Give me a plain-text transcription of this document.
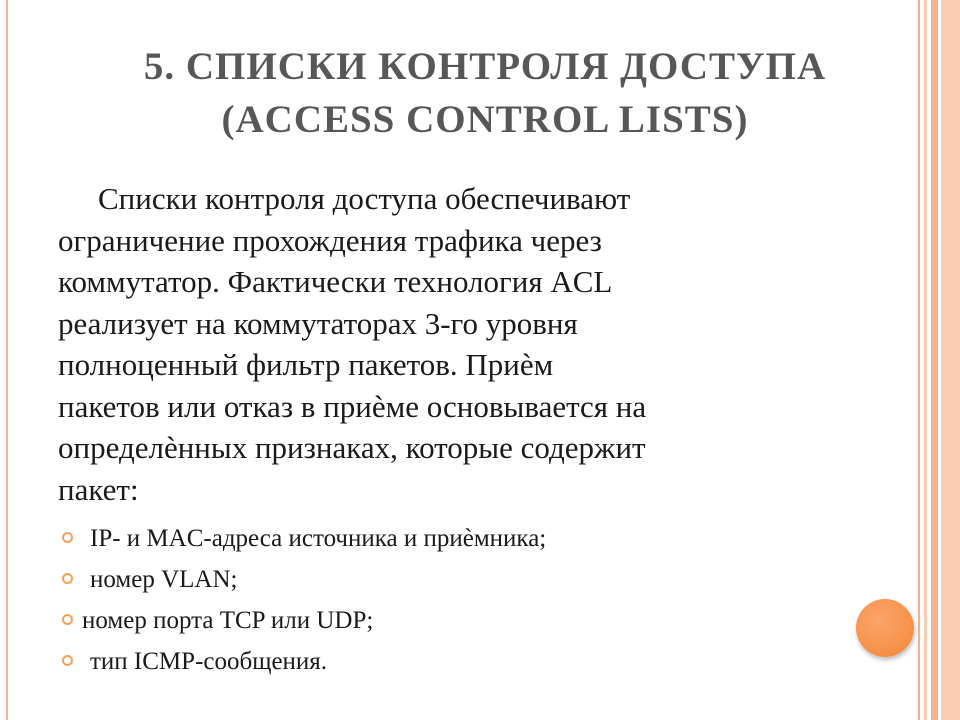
5. СПИСКИ КОНТРОЛЯ ДОСТУПА
(ACCESS CONTROL LISTS)

Списки контроля доступа обеспечивают
ограничение прохождения трафика через
коммутатор. Фактически технология ACL
реализует на коммутаторах 3-го уровня
полноценный фильтр пакетов. Приѐм
пакетов или отказ в приѐме основывается на
определѐнных признаках, которые содержит
пакет:

IP- и MAC-адреса источника и приѐмника;
номер VLAN;
номер порта TCP или UDP;
тип ICMP-сообщения.
